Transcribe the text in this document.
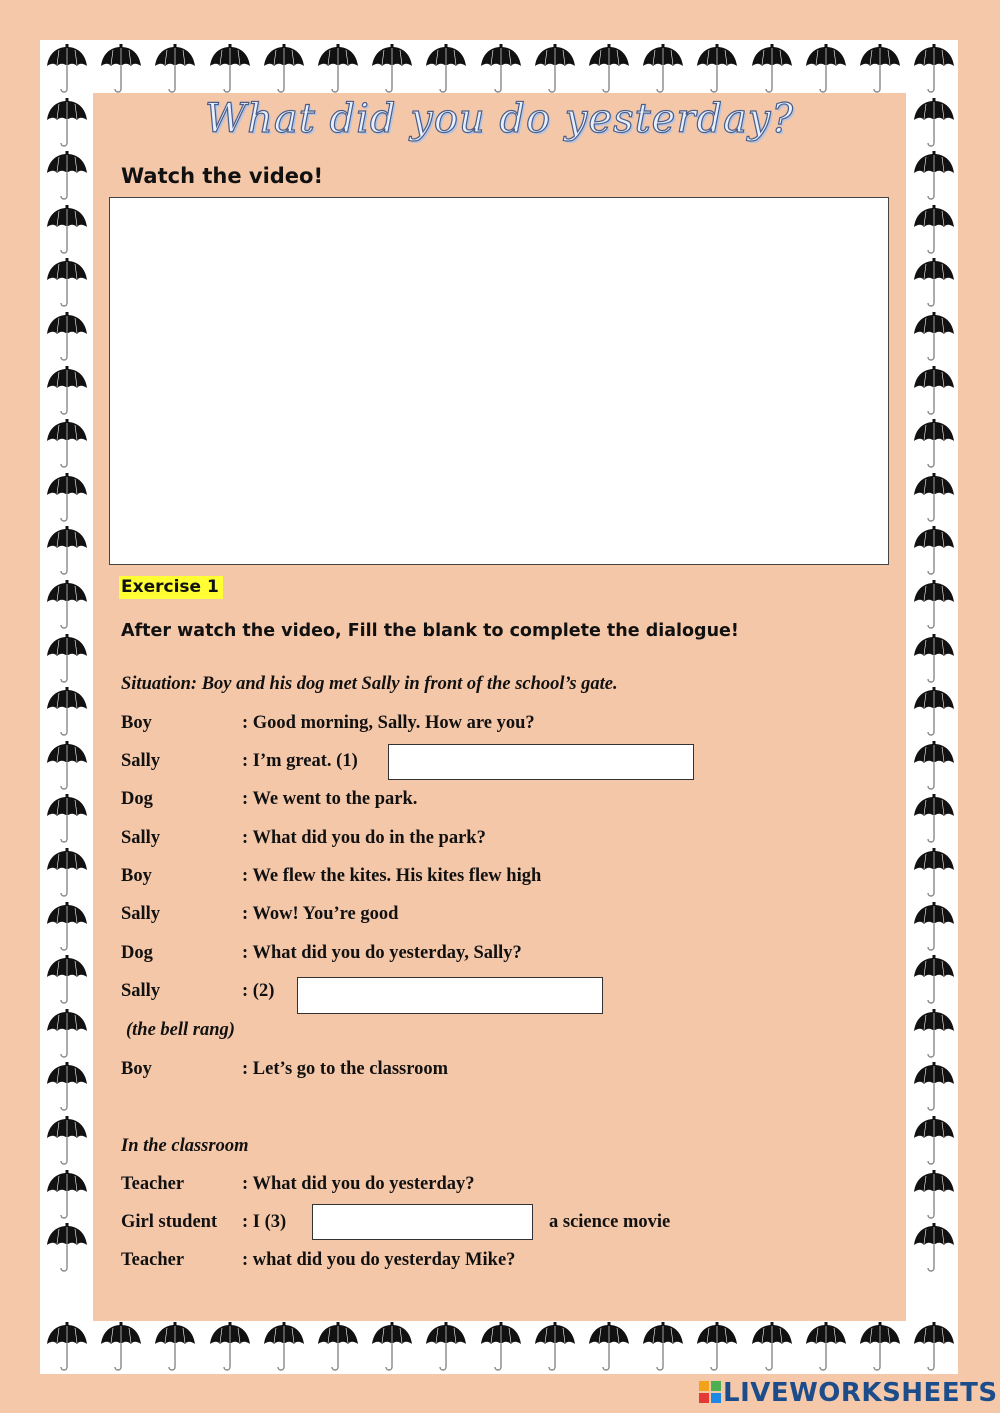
What did you do yesterday?
Watch the video!
Exercise 1
After watch the video, Fill the blank to complete the dialogue!
Situation: Boy and his dog met Sally in front of the school’s gate.
Boy	: Good morning, Sally. How are you?
Sally	: I’m great. (1)
Dog	: We went to the park.
Sally	: What did you do in the park?
Boy	: We flew the kites. His kites flew high
Sally	: Wow! You’re good
Dog	: What did you do yesterday, Sally?
Sally	: (2)
(the bell rang)
Boy	: Let’s go to the classroom
In the classroom
Teacher	: What did you do yesterday?
Girl student : I (3)	a science movie
Teacher	: what did you do yesterday Mike?
LIVEWORKSHEETS
